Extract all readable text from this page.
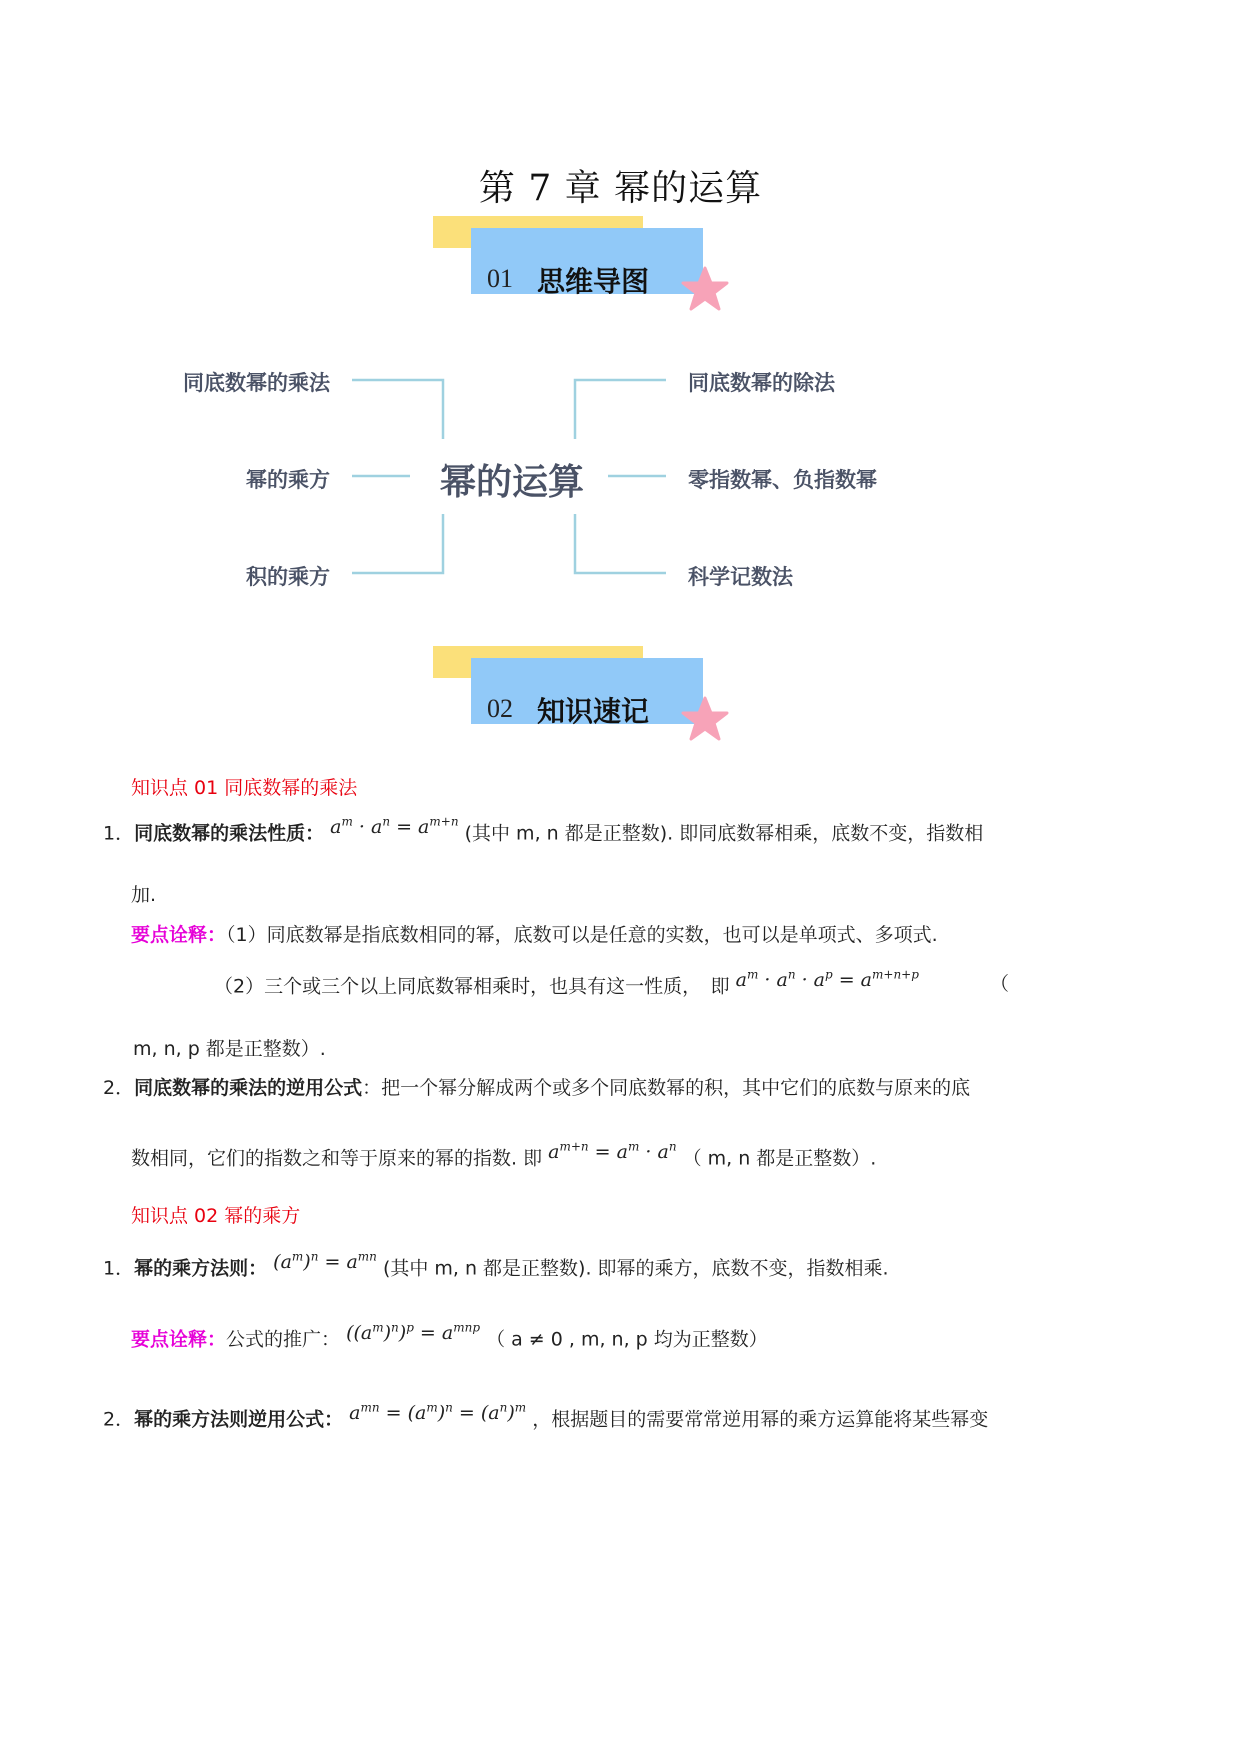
第 7 章 幂的运算
01 思维导图
同底数幂的乘法
幂的乘方
积的乘方
幂的运算
同底数幂的除法
零指数幂、负指数幂
科学记数法
02 知识速记
知识点 01 同底数幂的乘法
1．同底数幂的乘法性质： $a^m \cdot a^n = a^{m+n}$ (其中 m, n 都是正整数). 即同底数幂相乘，底数不变，指数相
加.
要点诠释：（1）同底数幂是指底数相同的幂，底数可以是任意的实数，也可以是单项式、多项式.
（2）三个或三个以上同底数幂相乘时，也具有这一性质，　即 $a^m \cdot a^n \cdot a^p = a^{m+n+p}$	（
m, n, p 都是正整数）.
2．同底数幂的乘法的逆用公式：把一个幂分解成两个或多个同底数幂的积，其中它们的底数与原来的底
数相同，它们的指数之和等于原来的幂的指数. 即 $a^{m+n} = a^m \cdot a^n$ （ m, n 都是正整数）.
知识点 02 幂的乘方
1．幂的乘方法则： $(a^m)^n = a^{mn}$ (其中 m, n 都是正整数). 即幂的乘方，底数不变，指数相乘.
要点诠释：公式的推广： $((a^m)^n)^p = a^{mnp}$ （ a ≠ 0 , m, n, p 均为正整数）
2．幂的乘方法则逆用公式： $a^{mn} = (a^m)^n = (a^n)^m$ ，根据题目的需要常常逆用幂的乘方运算能将某些幂变
